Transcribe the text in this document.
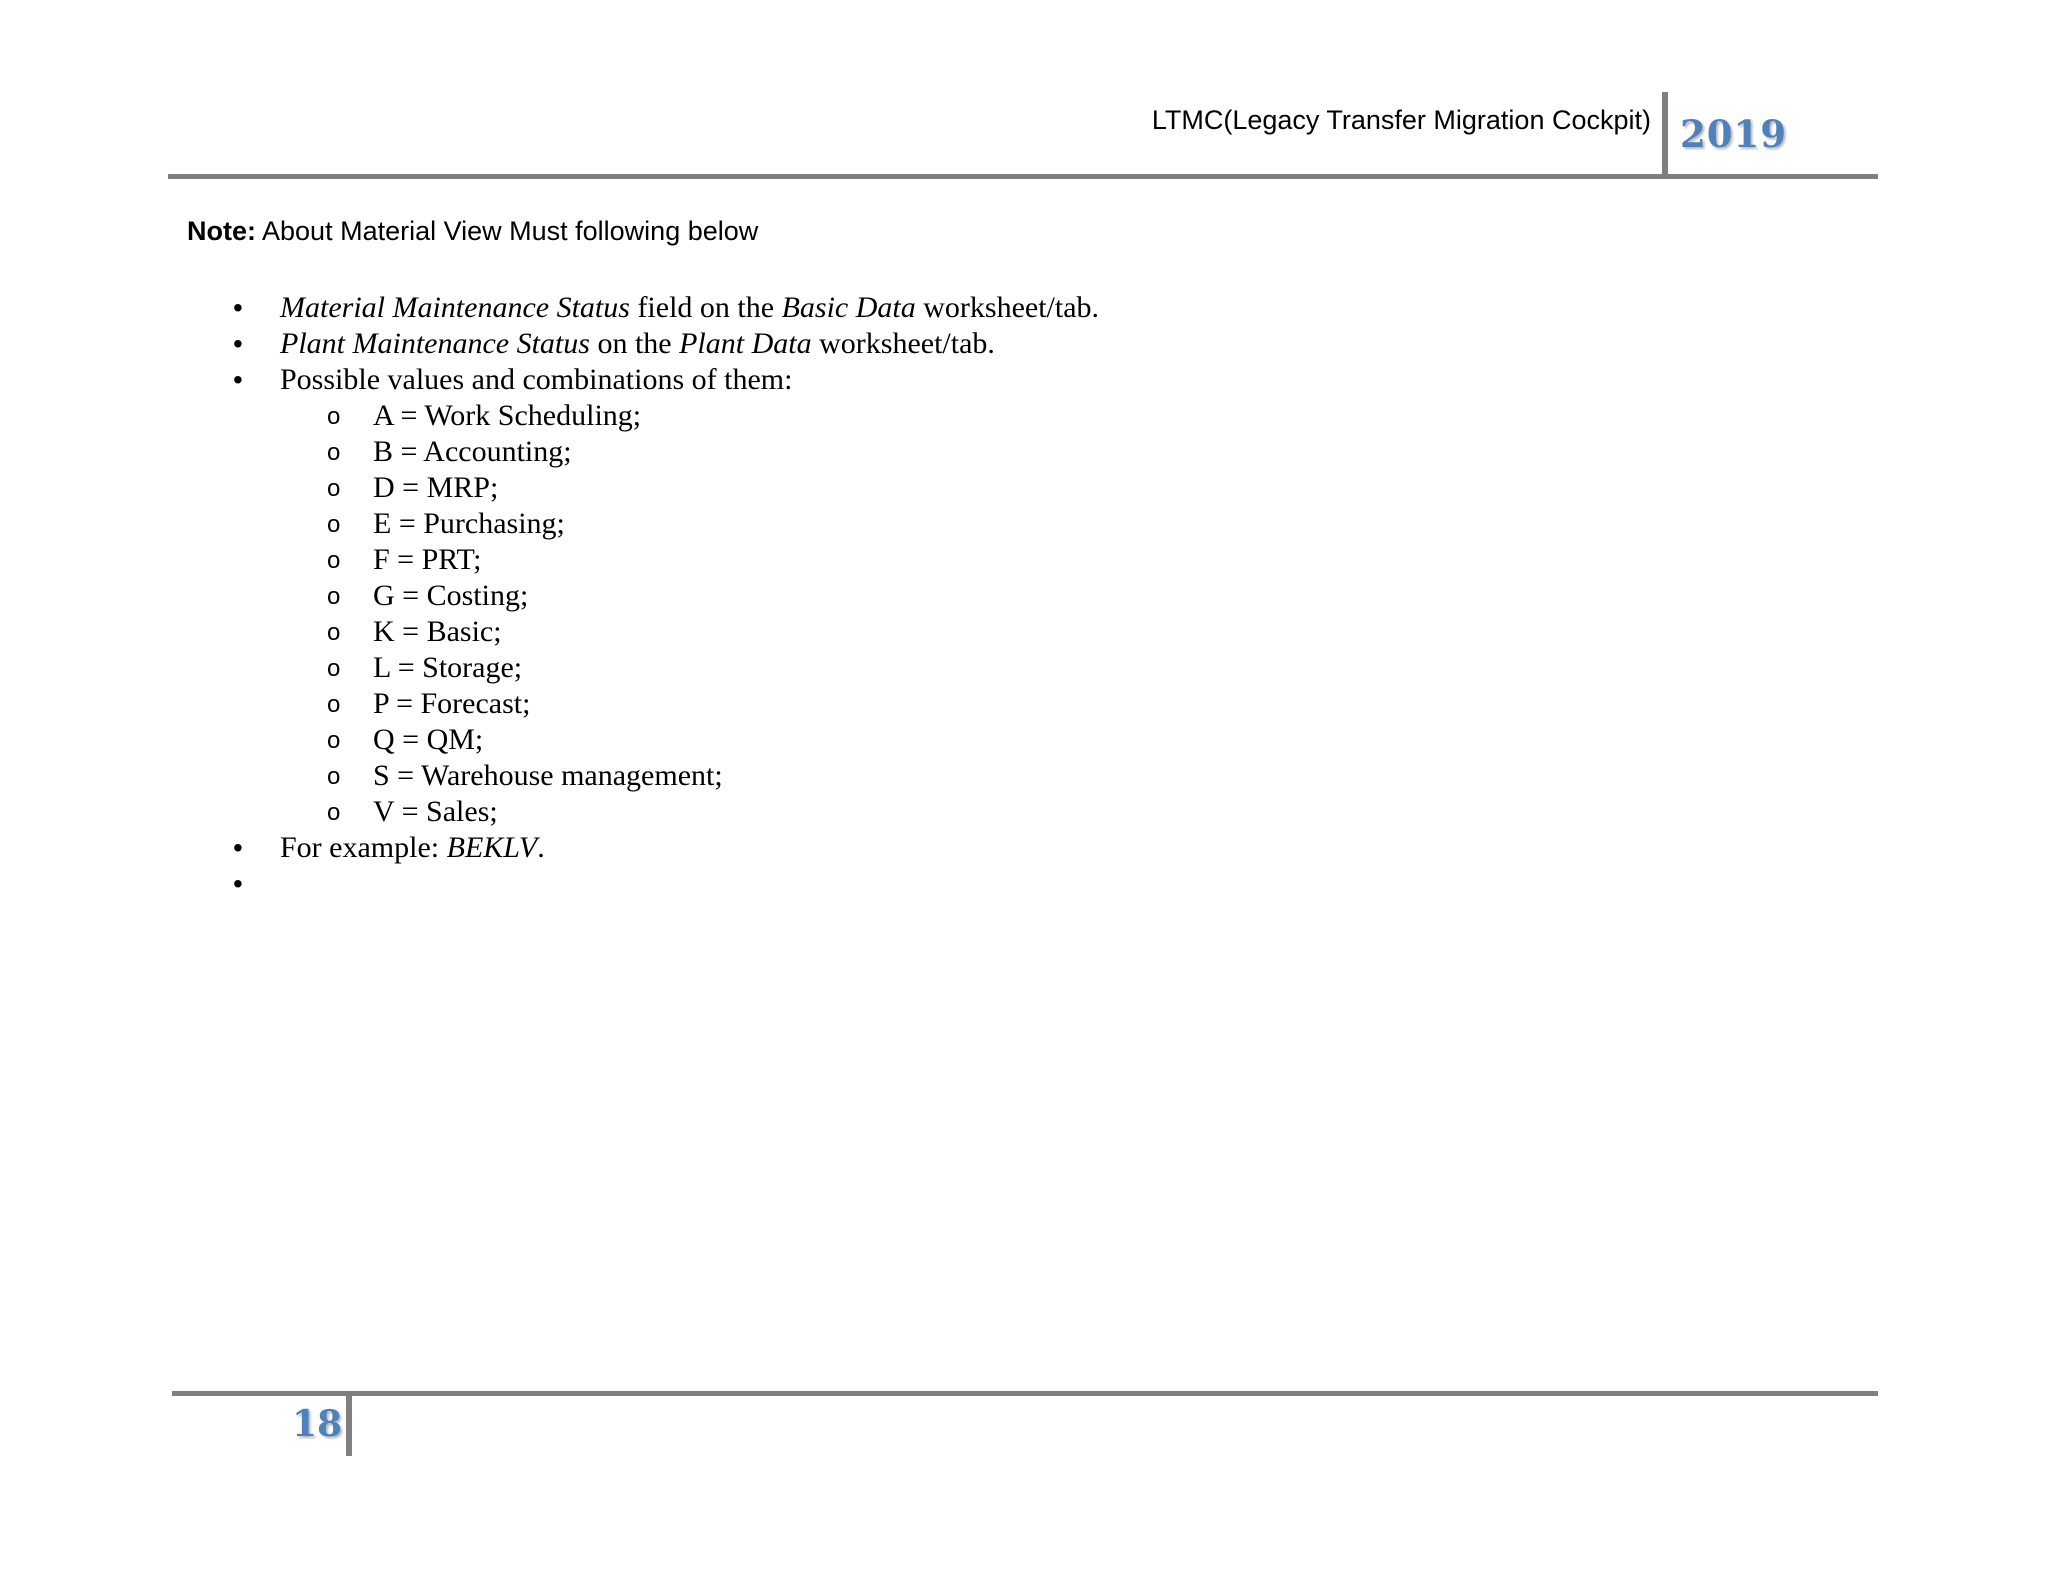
LTMC(Legacy Transfer Migration Cockpit) 2019
Note: About Material View Must following below
• Material Maintenance Status field on the Basic Data worksheet/tab.
• Plant Maintenance Status on the Plant Data worksheet/tab.
• Possible values and combinations of them:
o A = Work Scheduling;
o B = Accounting;
o D = MRP;
o E = Purchasing;
o F = PRT;
o G = Costing;
o K = Basic;
o L = Storage;
o P = Forecast;
o Q = QM;
o S = Warehouse management;
o V = Sales;
• For example: BEKLV.
•
18
